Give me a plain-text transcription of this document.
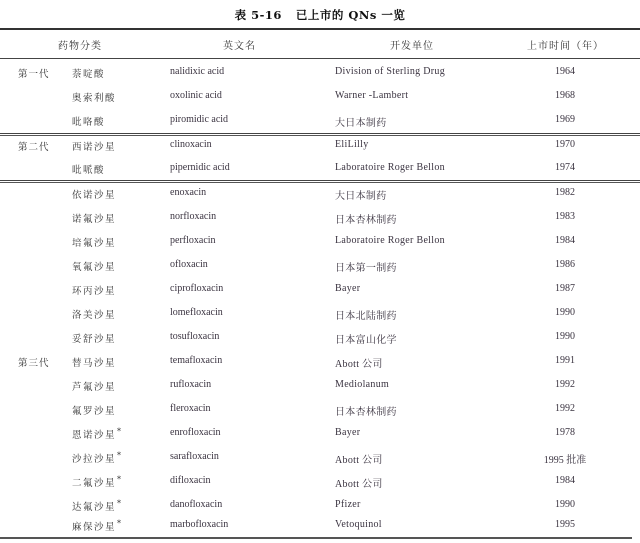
表 5-16 已上市的 QNs 一览
药物分类	英文名	开发单位	上市时间（年）
第一代 萘啶酸	nalidixic acid	Division of Sterling Drug	1964
奥索利酸	oxolinic acid	Warner -Lambert	1968
吡咯酸	piromidic acid	大日本制药	1969
第二代 西诺沙星	clinoxacin	EliLilly	1970
吡哌酸	pipernidic acid	Laboratoire Roger Bellon	1974
依诺沙星	enoxacin	大日本制药	1982
诺氟沙星	norfloxacin	日本杏林制药	1983
培氟沙星	perfloxacin	Laboratoire Roger Bellon	1984
氧氟沙星	ofloxacin	日本第一制药	1986
环丙沙星	ciprofloxacin	Bayer	1987
洛美沙星	lomefloxacin	日本北陆制药	1990
妥舒沙星	tosufloxacin	日本富山化学	1990
第三代 替马沙星	temafloxacin	Abott 公司	1991
芦氟沙星	rufloxacin	Mediolanum	1992
氟罗沙星	fleroxacin	日本杏林制药	1992
恩诺沙星*	enrofloxacin	Bayer	1978
沙拉沙星*	sarafloxacin	Abott 公司	1995 批准
二氟沙星*	difloxacin	Abott 公司	1984
达氟沙星*	danofloxacin	Pfizer	1990
麻保沙星*	marbofloxacin	Vetoquinol	1995
